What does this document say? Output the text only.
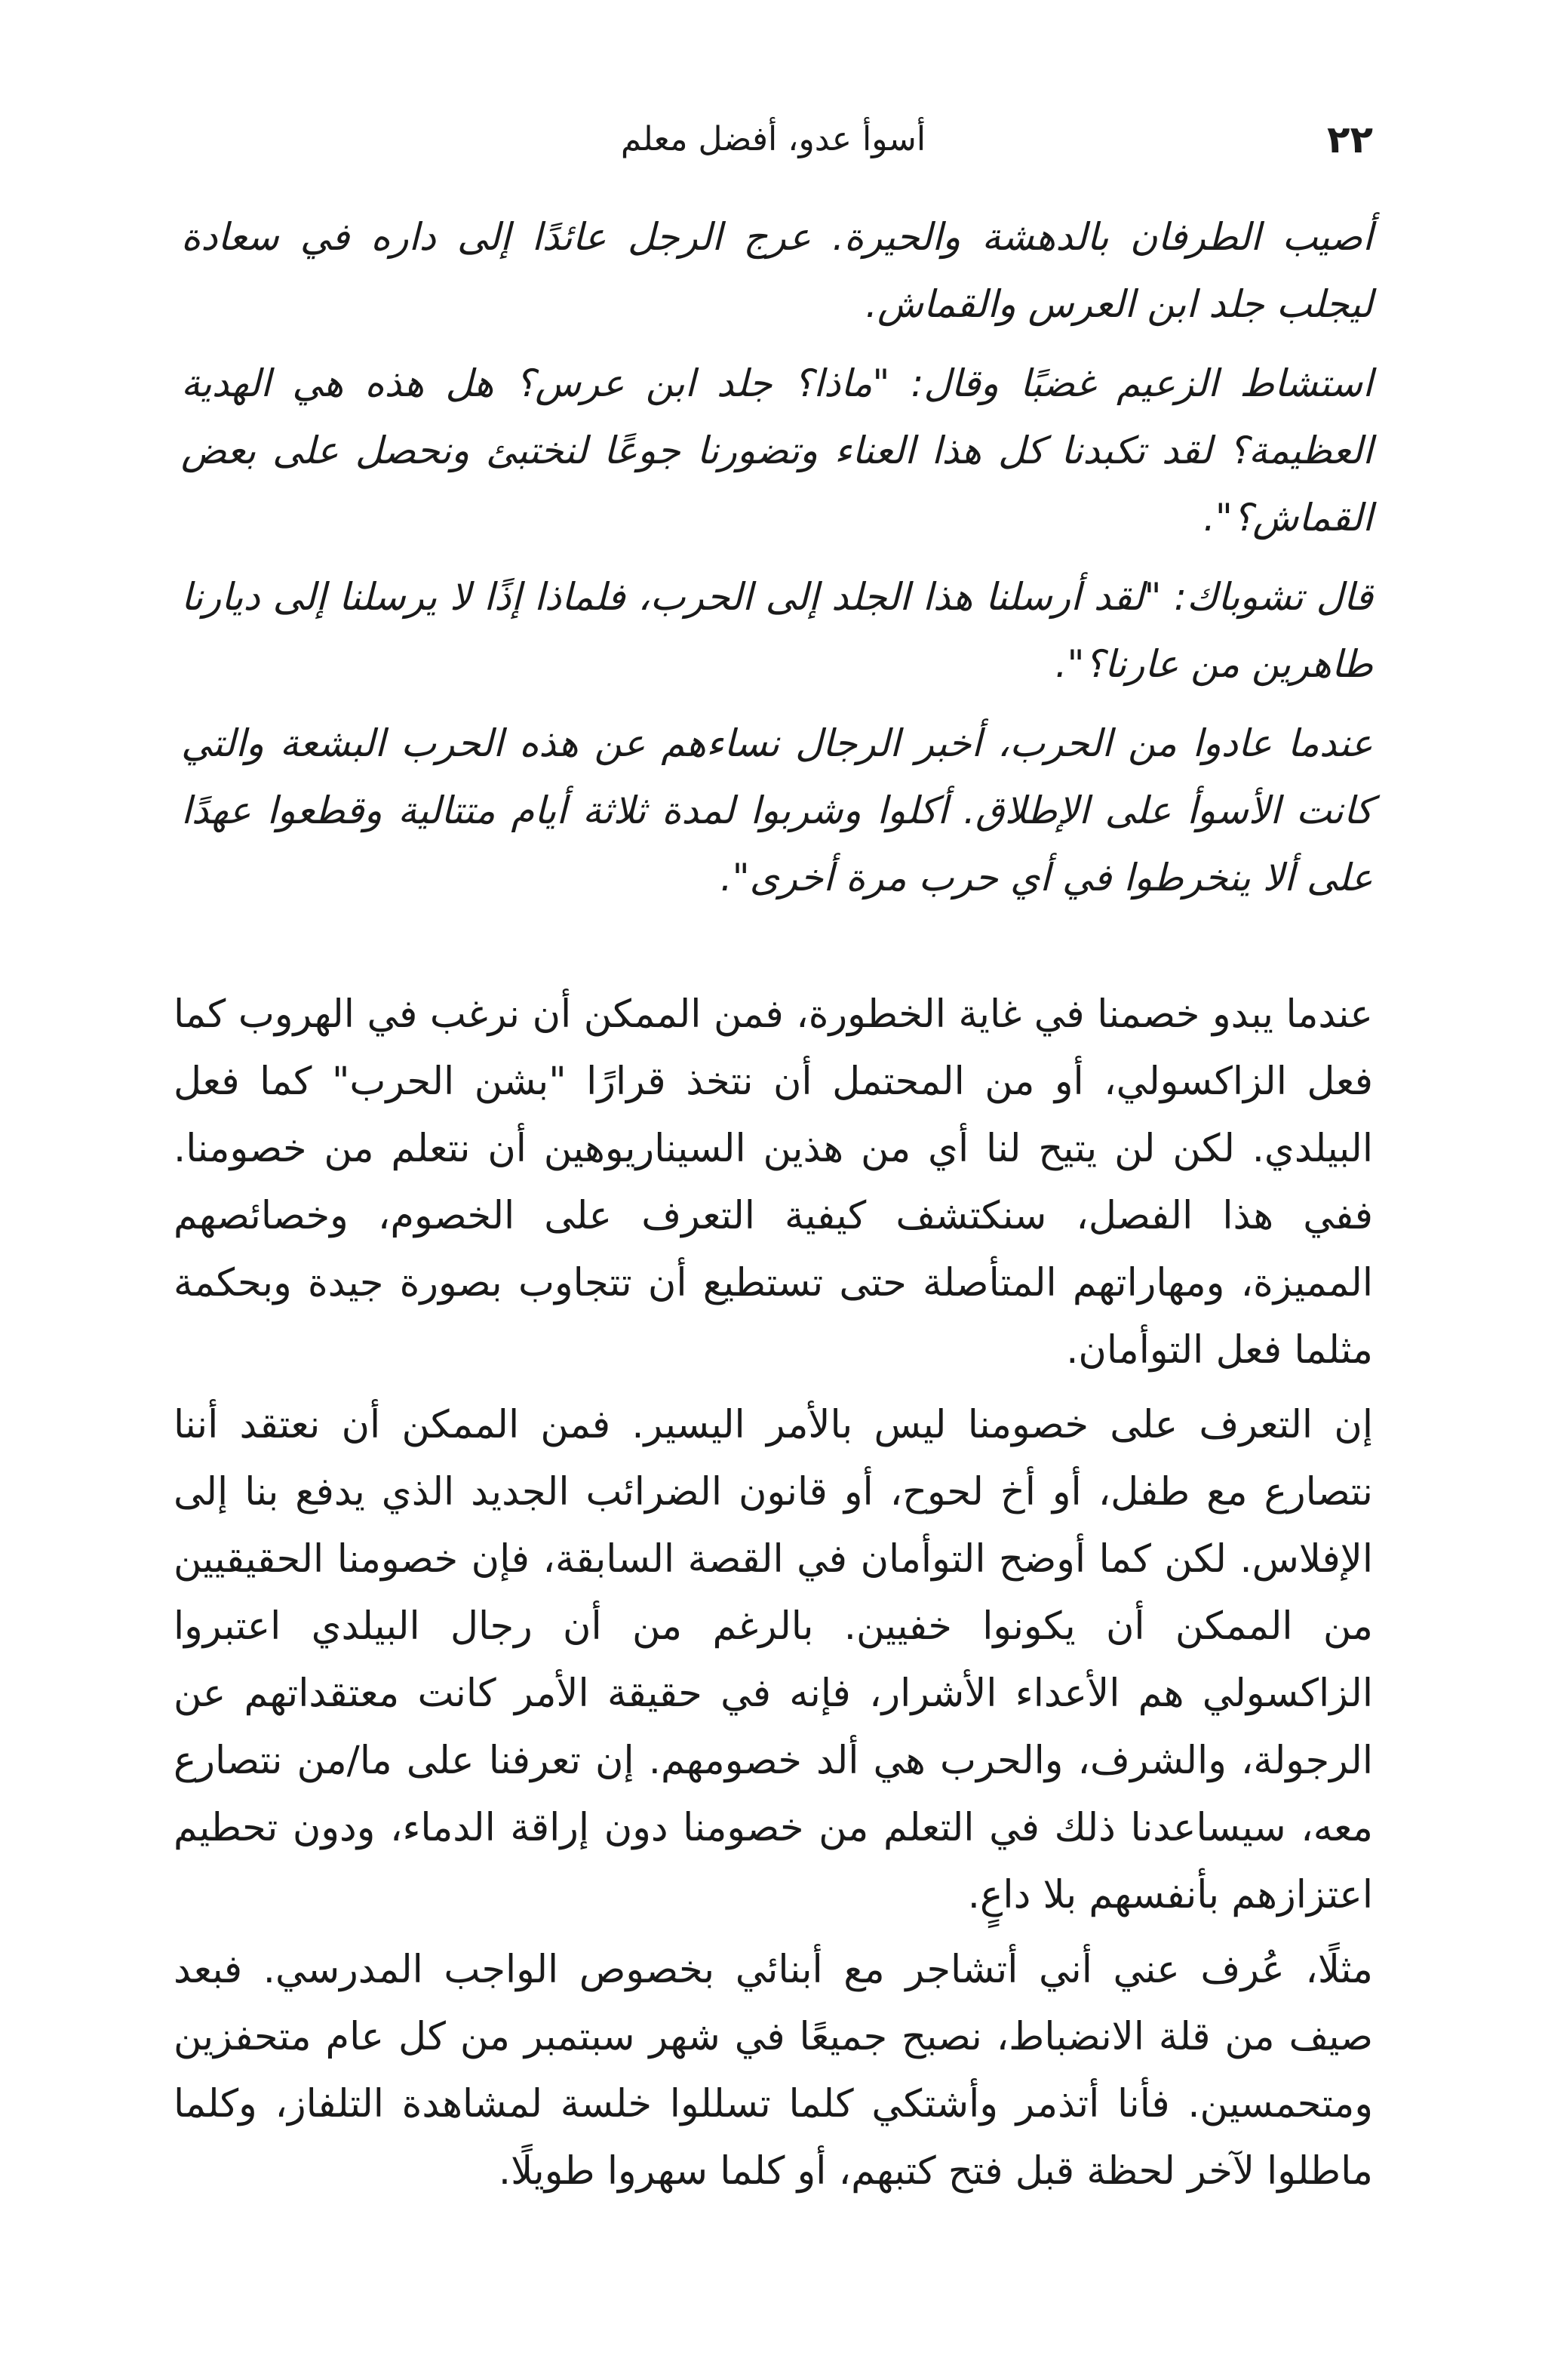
٢٢
أسوأ عدو، أفضل معلم

أصيب الطرفان بالدهشة والحيرة. عرج الرجل عائدًا إلى داره في سعادة ليجلب جلد ابن العرس والقماش.

استشاط الزعيم غضبًا وقال: "ماذا؟ جلد ابن عرس؟ هل هذه هي الهدية العظيمة؟ لقد تكبدنا كل هذا العناء وتضورنا جوعًا لنختبئ ونحصل على بعض القماش؟".

قال تشوباك: "لقد أرسلنا هذا الجلد إلى الحرب، فلماذا إذًا لا يرسلنا إلى ديارنا طاهرين من عارنا؟".

عندما عادوا من الحرب، أخبر الرجال نساءهم عن هذه الحرب البشعة والتي كانت الأسوأ على الإطلاق. أكلوا وشربوا لمدة ثلاثة أيام متتالية وقطعوا عهدًا على ألا ينخرطوا في أي حرب مرة أخرى".

عندما يبدو خصمنا في غاية الخطورة، فمن الممكن أن نرغب في الهروب كما فعل الزاكسولي، أو من المحتمل أن نتخذ قرارًا "بشن الحرب" كما فعل البيلدي. لكن لن يتيح لنا أي من هذين السيناريوهين أن نتعلم من خصومنا. ففي هذا الفصل، سنكتشف كيفية التعرف على الخصوم، وخصائصهم المميزة، ومهاراتهم المتأصلة حتى تستطيع أن تتجاوب بصورة جيدة وبحكمة مثلما فعل التوأمان.

إن التعرف على خصومنا ليس بالأمر اليسير. فمن الممكن أن نعتقد أننا نتصارع مع طفل، أو أخ لحوح، أو قانون الضرائب الجديد الذي يدفع بنا إلى الإفلاس. لكن كما أوضح التوأمان في القصة السابقة، فإن خصومنا الحقيقيين من الممكن أن يكونوا خفيين. بالرغم من أن رجال البيلدي اعتبروا الزاكسولي هم الأعداء الأشرار، فإنه في حقيقة الأمر كانت معتقداتهم عن الرجولة، والشرف، والحرب هي ألد خصومهم. إن تعرفنا على ما/من نتصارع معه، سيساعدنا ذلك في التعلم من خصومنا دون إراقة الدماء، ودون تحطيم اعتزازهم بأنفسهم بلا داعٍ.

مثلًا، عُرف عني أني أتشاجر مع أبنائي بخصوص الواجب المدرسي. فبعد صيف من قلة الانضباط، نصبح جميعًا في شهر سبتمبر من كل عام متحفزين ومتحمسين. فأنا أتذمر وأشتكي كلما تسللوا خلسة لمشاهدة التلفاز، وكلما ماطلوا لآخر لحظة قبل فتح كتبهم، أو كلما سهروا طويلًا.
